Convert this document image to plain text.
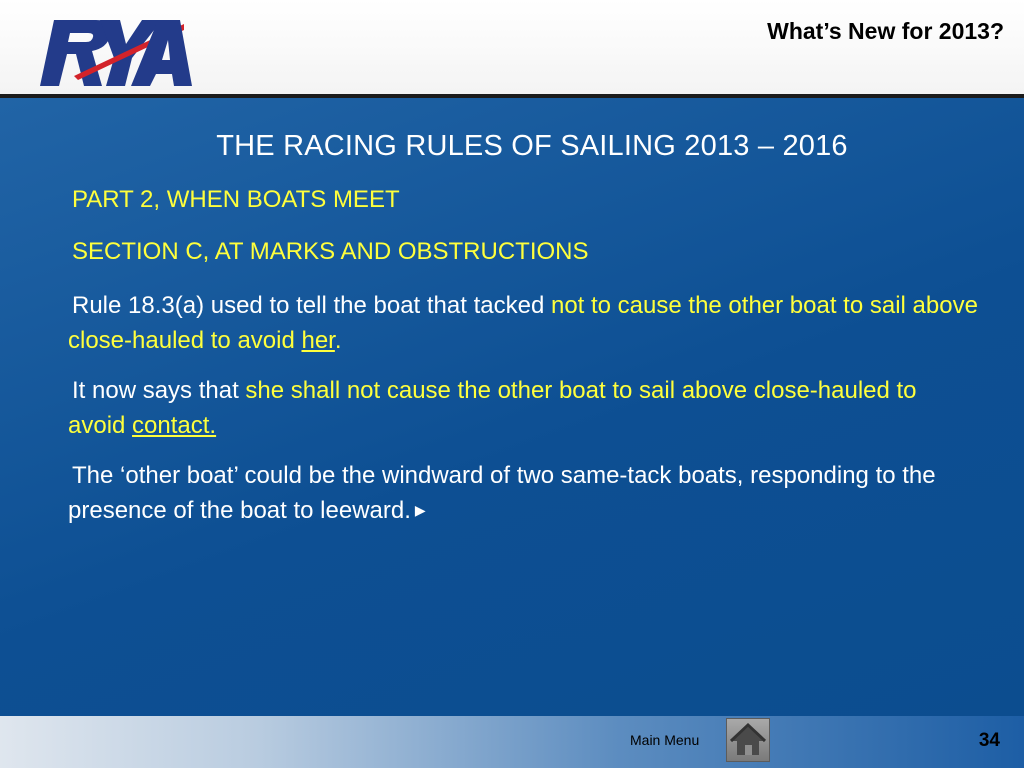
RYA
What’s New for 2013?
THE RACING RULES OF SAILING 2013 – 2016

PART 2, WHEN BOATS MEET

SECTION C, AT MARKS AND OBSTRUCTIONS

Rule 18.3(a) used to tell the boat that tacked not to cause the other boat to sail above close-hauled to avoid her.

It now says that she shall not cause the other boat to sail above close-hauled to avoid contact.

The ‘other boat’ could be the windward of two same-tack boats, responding to the presence of the boat to leeward. ▶

Main Menu	34
